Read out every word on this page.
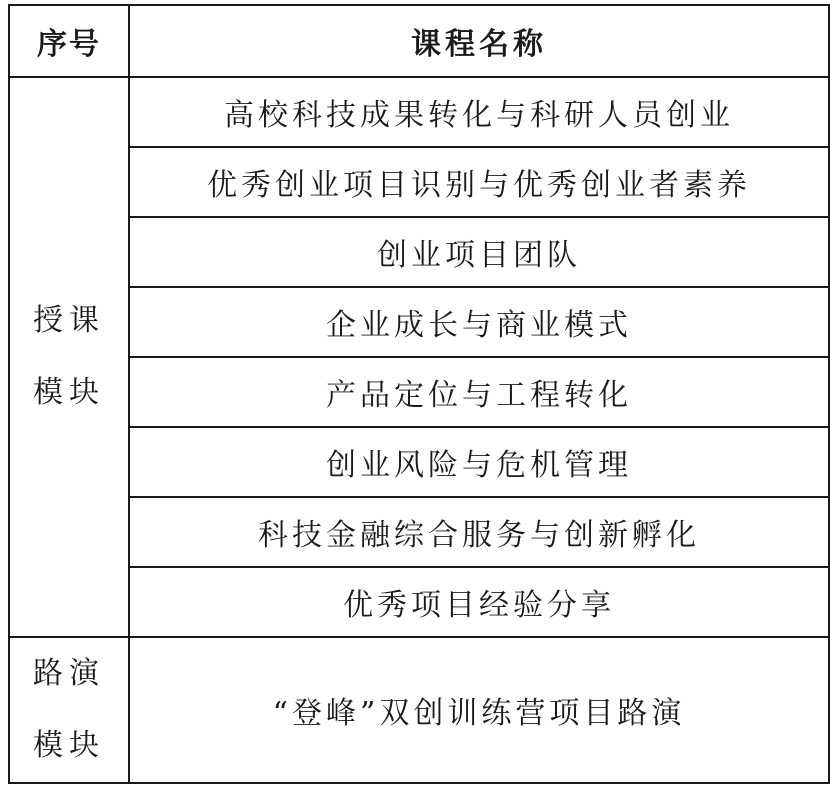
序号	课程名称

授课
模块	高校科技成果转化与科研人员创业
	优秀创业项目识别与优秀创业者素养
	创业项目团队
	企业成长与商业模式
	产品定位与工程转化
	创业风险与危机管理
	科技金融综合服务与创新孵化
	优秀项目经验分享

路演
模块	“登峰”双创训练营项目路演
